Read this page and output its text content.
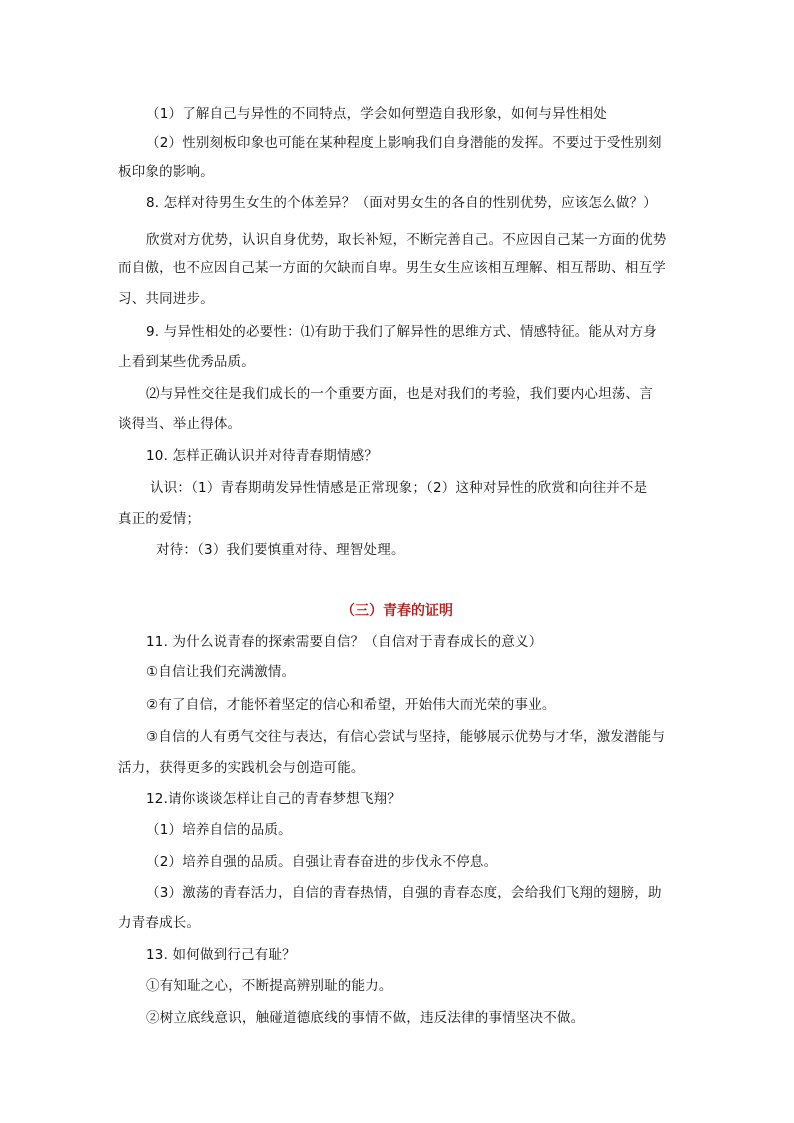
（1）了解自己与异性的不同特点，学会如何塑造自我形象，如何与异性相处
（2）性别刻板印象也可能在某种程度上影响我们自身潜能的发挥。不要过于受性别刻
板印象的影响。
8. 怎样对待男生女生的个体差异？（面对男女生的各自的性别优势，应该怎么做？）
欣赏对方优势，认识自身优势，取长补短，不断完善自己。不应因自己某一方面的优势
而自傲，也不应因自己某一方面的欠缺而自卑。男生女生应该相互理解、相互帮助、相互学
习、共同进步。
9. 与异性相处的必要性：⑴有助于我们了解异性的思维方式、情感特征。能从对方身
上看到某些优秀品质。
⑵与异性交往是我们成长的一个重要方面，也是对我们的考验，我们要内心坦荡、言
谈得当、举止得体。
10. 怎样正确认识并对待青春期情感？
认识：（1）青春期萌发异性情感是正常现象；（2）这种对异性的欣赏和向往并不是
真正的爱情；
对待：（3）我们要慎重对待、理智处理。
（三）青春的证明
11. 为什么说青春的探索需要自信？（自信对于青春成长的意义）
①自信让我们充满激情。
②有了自信，才能怀着坚定的信心和希望，开始伟大而光荣的事业。
③自信的人有勇气交往与表达，有信心尝试与坚持，能够展示优势与才华，激发潜能与
活力，获得更多的实践机会与创造可能。
12.请你谈谈怎样让自己的青春梦想飞翔？
（1）培养自信的品质。
（2）培养自强的品质。自强让青春奋进的步伐永不停息。
（3）激荡的青春活力，自信的青春热情，自强的青春态度，会给我们飞翔的翅膀，助
力青春成长。
13. 如何做到行己有耻？
①有知耻之心，不断提高辨别耻的能力。
②树立底线意识，触碰道德底线的事情不做，违反法律的事情坚决不做。
